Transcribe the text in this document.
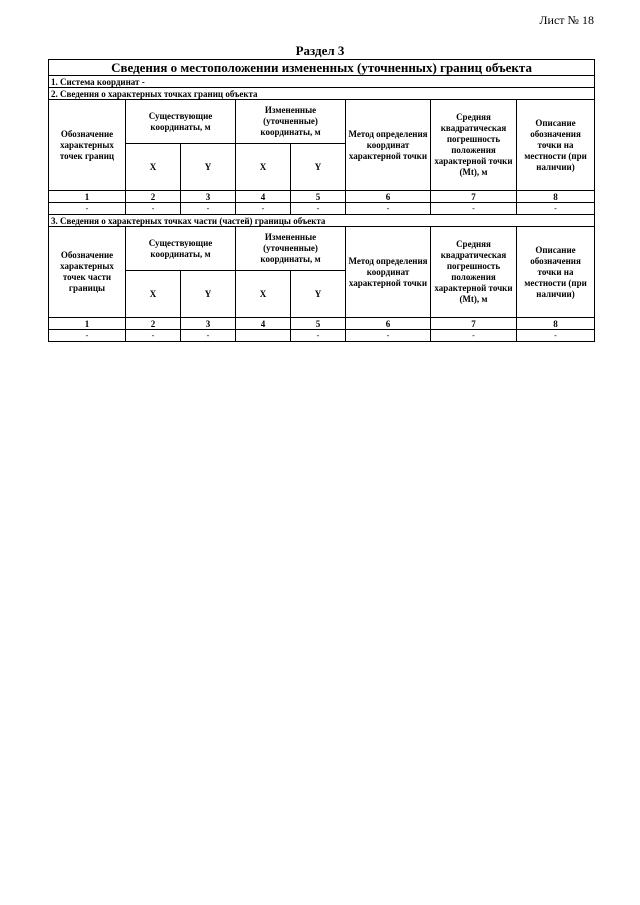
Лист № 18
Раздел 3
Сведения о местоположении измененных (уточненных) границ объекта							
1. Система координат -							
2. Сведения о характерных точках границ объекта							
Обозначение характерных точек границ	Существующие координаты, м		Измененные (уточненные) координаты, м		Метод определения координат характерной точки	Средняя квадратическая погрешность положения характерной точки (Mt), м	Описание обозначения точки на местности (при наличии)
	X	Y	X	Y			
1	2	3	4	5	6	7	8
-	-	-	-	-	-	-	-
3. Сведения о характерных точках части (частей) границы объекта							
Обозначение характерных точек части границы	Существующие координаты, м		Измененные (уточненные) координаты, м		Метод определения координат характерной точки	Средняя квадратическая погрешность положения характерной точки (Mt), м	Описание обозначения точки на местности (при наличии)
	X	Y	X	Y			
1	2	3	4	5	6	7	8
-	-	-		-	-	-	-
